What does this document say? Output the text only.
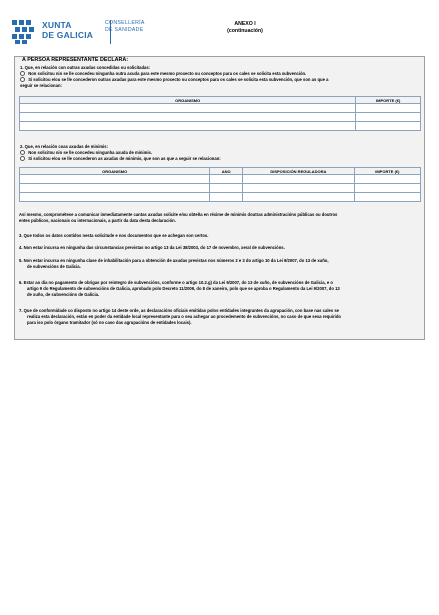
XUNTA
DE GALICIA
CONSELLERÍA
DE SANIDADE
ANEXO I
(continuación)
A PERSOA REPRESENTANTE DECLARA:
1. Que, en relación con outras axudas concedidas ou solicitadas:
Non solicitou nin se lle concedeu ningunha outra axuda para este mesmo proxecto ou conceptos para os cales se solicita esta subvención.
Si solicitou e/ou se lle concederon outras axudas para este mesmo proxecto ou conceptos para os cales se solicita esta subvención, que son as que a
seguir se relacionan:
ORGANISMO	IMPORTE (€)

2. Que, en relación coas axudas de minimis:
Non solicitou nin se lle concedeu ningunha axuda de minimis.
Si solicitou e/ou se lle concederon as axudas de minimis, que son as que a seguir se relacionan:
ORGANISMO	ANO	DISPOSICIÓN REGULADORA	IMPORTE (€)

Así mesmo, comprométese a comunicar inmediatamente cantas axudas solicite e/ou obteña en réxime de minimis doutras administracións públicas ou doutros
entes públicos, nacionais ou internacionais, a partir da data desta declaración.
3. Que todos os datos contidos nesta solicitude e nos documentos que se achegan son certos.
4. Non estar incursa en ningunha das circunstancias previstas no artigo 13 da Lei 38/2003, do 17 de novembro, xeral de subvencións.
5. Non estar incursa en ningunha clase de inhabilitación para a obtención de axudas previstas nos números 2 e 3 do artigo 10 da Lei 9/2007, do 13 de xuño,
de subvencións de Galicia.
6. Estar ao día no pagamento de obrigas por reintegro de subvencións, conforme o artigo 10.2.g) da Lei 9/2007, do 13 de xuño, de subvencións de Galicia, e o
artigo 9 do Regulamento de subvencións de Galicia, aprobado polo Decreto 11/2009, do 8 de xaneiro, polo que se aproba o Regulamento da Lei 9/2007, do 13
de xuño, de subvencións de Galicia.
7. Que de conformidade co disposto no artigo 14 deste orde, as declaracións oficiais emitidas polos entidades integrantes da agrupación, con base nas cales se
realiza esta declaración, están en poder da entidade local representante para o seu achegar ao procedemento de subvencións, no caso de que sexa requirido
para iso polo órgano tramitador (só no caso das agrupacións de entidades locais).
